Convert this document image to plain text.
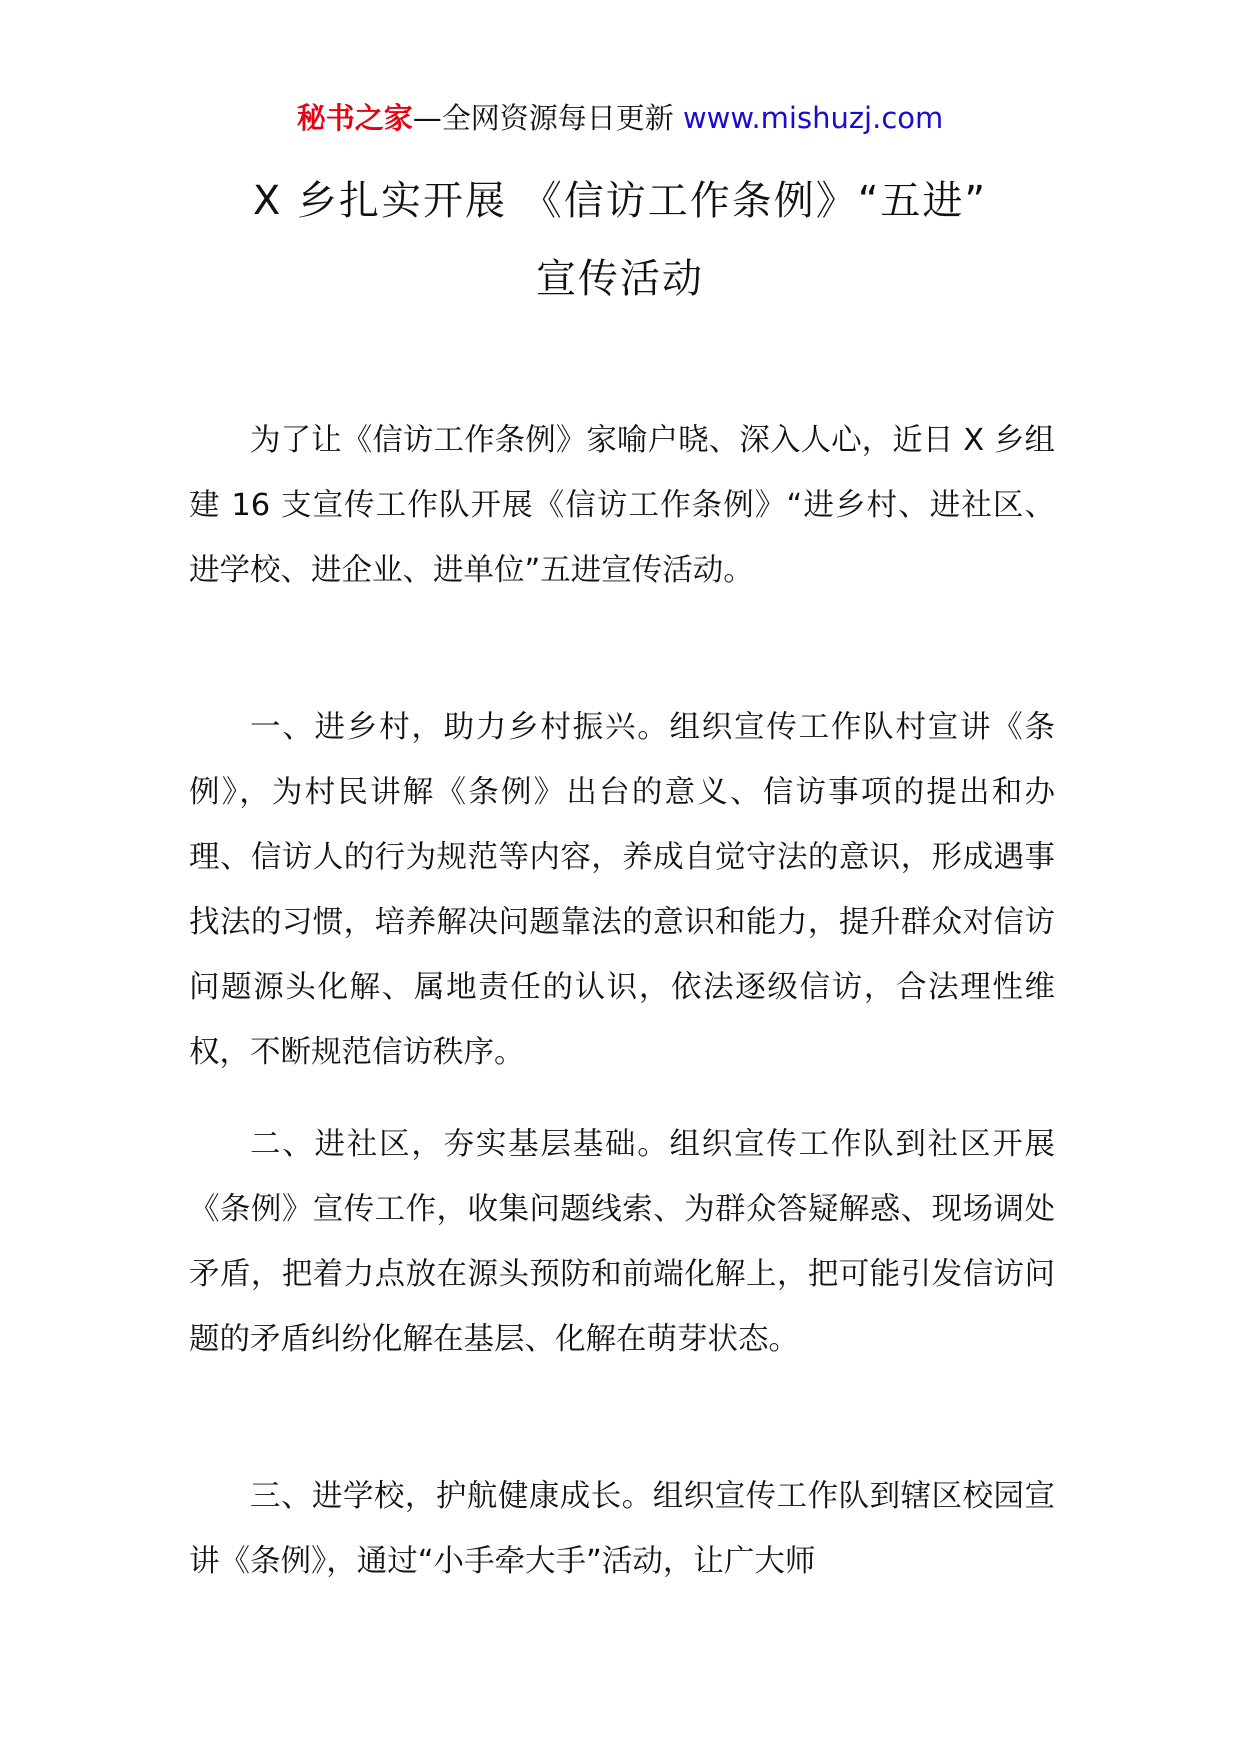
秘书之家—全网资源每日更新 www.mishuzj.com
X 乡扎实开展 《信访工作条例》“五进”
宣传活动

为了让《信访工作条例》家喻户晓、深入人心，近日 X 乡组建 16 支宣传工作队开展《信访工作条例》“进乡村、进社区、进学校、进企业、进单位”五进宣传活动。

一、进乡村，助力乡村振兴。组织宣传工作队村宣讲《条例》，为村民讲解《条例》出台的意义、信访事项的提出和办理、信访人的行为规范等内容，养成自觉守法的意识，形成遇事找法的习惯，培养解决问题靠法的意识和能力，提升群众对信访问题源头化解、属地责任的认识，依法逐级信访，合法理性维权，不断规范信访秩序。

二、进社区，夯实基层基础。组织宣传工作队到社区开展《条例》宣传工作，收集问题线索、为群众答疑解惑、现场调处矛盾，把着力点放在源头预防和前端化解上，把可能引发信访问题的矛盾纠纷化解在基层、化解在萌芽状态。

三、进学校，护航健康成长。组织宣传工作队到辖区校园宣讲《条例》，通过“小手牵大手”活动，让广大师
